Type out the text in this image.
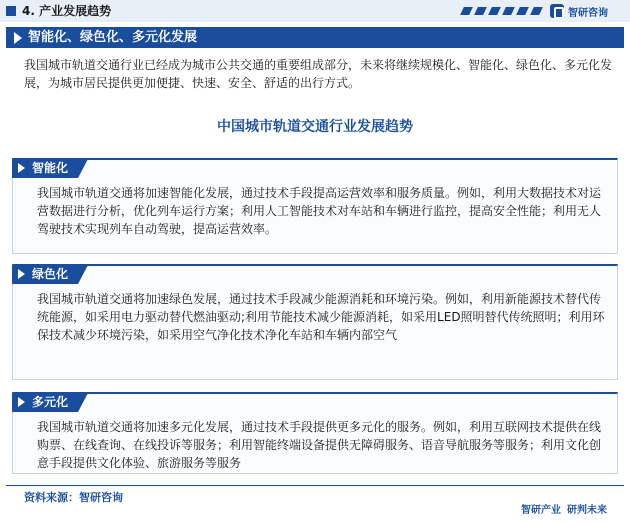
4. 产业发展趋势	智研咨询
智能化、绿色化、多元化发展

我国城市轨道交通行业已经成为城市公共交通的重要组成部分，未来将继续规模化、智能化、绿色化、多元化发展，为城市居民提供更加便捷、快速、安全、舒适的出行方式。

中国城市轨道交通行业发展趋势
智能化

我国城市轨道交通将加速智能化发展，通过技术手段提高运营效率和服务质量。例如，利用大数据技术对运营数据进行分析，优化列车运行方案；利用人工智能技术对车站和车辆进行监控，提高安全性能；利用无人驾驶技术实现列车自动驾驶，提高运营效率。

绿色化

我国城市轨道交通将加速绿色发展，通过技术手段减少能源消耗和环境污染。例如，利用新能源技术替代传统能源，如采用电力驱动替代燃油驱动;利用节能技术减少能源消耗，如采用LED照明替代传统照明；利用环保技术减少环境污染，如采用空气净化技术净化车站和车辆内部空气

多元化

我国城市轨道交通将加速多元化发展，通过技术手段提供更多元化的服务。例如，利用互联网技术提供在线购票、在线查询、在线投诉等服务；利用智能终端设备提供无障碍服务、语音导航服务等服务；利用文化创意手段提供文化体验、旅游服务等服务

资料来源：智研咨询

智研产业 研判未来
